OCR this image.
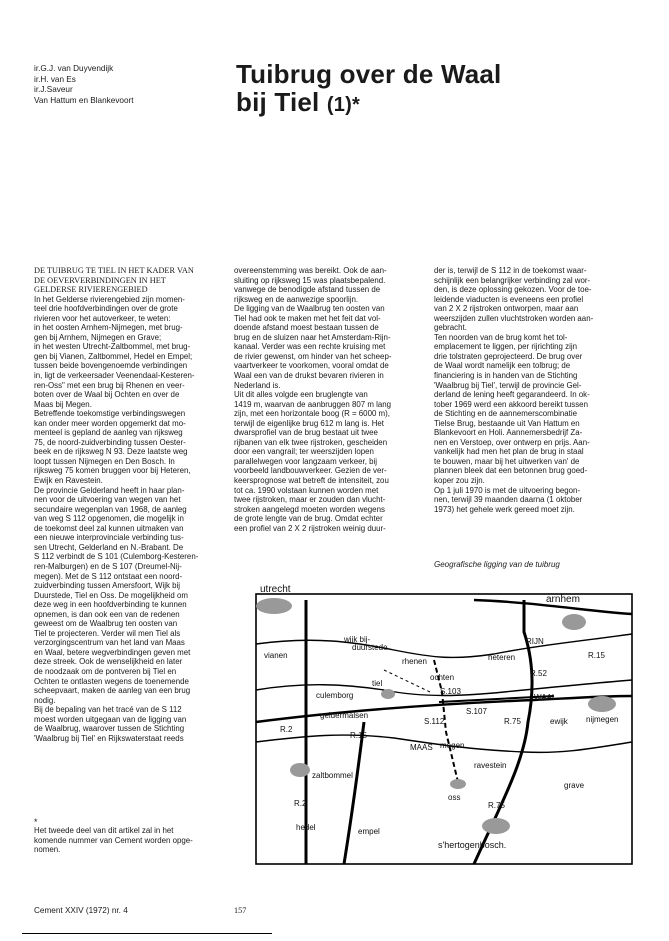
ir.G.J. van Duyvendijk
ir.H. van Es
ir.J.Saveur
Van Hattum en Blankevoort
Tuibrug over de Waal
bij Tiel (1)*

DE TUIBRUG TE TIEL IN HET KADER VAN

DE OEVERVERBINDINGEN IN HET

GELDERSE RIVIERENGEBIED

In het Gelderse rivierengebied zijn momen-

teel drie hoofdverbindingen over de grote

rivieren voor het autoverkeer, te weten:

in het oosten Arnhem-Nijmegen, met brug-

gen bij Arnhem, Nijmegen en Grave;

in het westen Utrecht-Zaltbommel, met brug-

gen bij Vianen, Zaltbommel, Hedel en Empel;

tussen beide bovengenoemde verbindingen

in, ligt de verkeersader Veenendaal-Kesteren-

ren-Oss" met een brug bij Rhenen en veer-

boten over de Waal bij Ochten en over de

Maas bij Megen.

Betreffende toekomstige verbindingswegen

kan onder meer worden opgemerkt dat mo-

menteel is gepland de aanleg van rijksweg

75, de noord-zuidverbinding tussen Oester-

beek en de rijksweg N 93. Deze laatste weg

loopt tussen Nijmegen en Den Bosch. In

rijksweg 75 komen bruggen voor bij Heteren,

Ewijk en Ravestein.

De provincie Gelderland heeft in haar plan-

nen voor de uitvoering van wegen van het

secundaire wegenplan van 1968, de aanleg

van weg S 112 opgenomen, die mogelijk in

de toekomst deel zal kunnen uitmaken van

een nieuwe interprovinciale verbinding tus-

sen Utrecht, Gelderland en N.-Brabant. De

S 112 verbindt de S 101 (Culemborg-Kesteren-

ren-Malburgen) en de S 107 (Dreumel-Nij-

megen). Met de S 112 ontstaat een noord-

zuidverbinding tussen Amersfoort, Wijk bij

Duurstede, Tiel en Oss. De mogelijkheid om

deze weg in een hoofdverbinding te kunnen

opnemen, is dan ook een van de redenen

geweest om de Waalbrug ten oosten van

Tiel te projecteren. Verder wil men Tiel als

verzorgingscentrum van het land van Maas

en Waal, betere wegverbindingen geven met

deze streek. Ook de wenselijkheid en later

de noodzaak om de pontveren bij Tiel en

Ochten te ontlasten wegens de toenemende

scheepvaart, maken de aanleg van een brug

nodig.

Bij de bepaling van het tracé van de S 112

moest worden uitgegaan van de ligging van

de Waalbrug, waarover tussen de Stichting

'Waalbrug bij Tiel' en Rijkswaterstaat reeds

overeenstemming was bereikt. Ook de aan-

sluiting op rijksweg 15 was plaatsbepalend.

vanwege de benodigde afstand tussen de

rijksweg en de aanwezige spoorlijn.

De ligging van de Waalbrug ten oosten van

Tiel had ook te maken met het feit dat vol-

doende afstand moest bestaan tussen de

brug en de sluizen naar het Amsterdam-Rijn-

kanaal. Verder was een rechte kruising met

de rivier gewenst, om hinder van het scheep-

vaartverkeer te voorkomen, vooral omdat de

Waal een van de drukst bevaren rivieren in

Nederland is.

Uit dit alles volgde een bruglengte van

1419 m, waarvan de aanbruggen 807 m lang

zijn, met een horizontale boog (R = 6000 m),

terwijl de eigenlijke brug 612 m lang is. Het

dwarsprofiel van de brug bestaat uit twee

rijbanen van elk twee rijstroken, gescheiden

door een vangrail; ter weerszijden lopen

parallelwegen voor langzaam verkeer, bij

voorbeeld landbouwverkeer. Gezien de ver-

keersprognose wat betreft de intensiteit, zou

tot ca. 1990 volstaan kunnen worden met

twee rijstroken, maar er zouden dan vlucht-

stroken aangelegd moeten worden wegens

de grote lengte van de brug. Omdat echter

een profiel van 2 X 2 rijstroken weinig duur-

der is, terwijl de S 112 in de toekomst waar-

schijnlijk een belangrijker verbinding zal wor-

den, is deze oplossing gekozen. Voor de toe-

leidende viaducten is eveneens een profiel

van 2 X 2 rijstroken ontworpen, maar aan

weerszijden zullen vluchtstroken worden aan-

gebracht.

Ten noorden van de brug komt het tol-

emplacement te liggen, per rijrichting zijn

drie tolstraten geprojecteerd. De brug over

de Waal wordt namelijk een tolbrug; de

financiering is in handen van de Stichting

'Waalbrug bij Tiel', terwijl de provincie Gel-

derland de lening heeft gegarandeerd. In ok-

tober 1969 werd een akkoord bereikt tussen

de Stichting en de aannemerscombinatie

Tielse Brug, bestaande uit Van Hattum en

Blankevoort en Holi. Aannemersbedrijf Za-

nen en Verstoep, over ontwerp en prijs. Aan-

vankelijk had men het plan de brug in staal

te bouwen, maar bij het uitwerken van' de

plannen bleek dat een betonnen brug goed-

koper zou zijn.

Op 1 juli 1970 is met de uitvoering begon-

nen, terwijl 39 maanden daarna (1 oktober

1973) het gehele werk gereed moet zijn.

Geografische ligging van de tuibrug
utrecht
arnhem
vianen
wijk bij-
duurstede
rhenen	heteren
RIJN
R.52
R.15
culemborg
tiel
ochten
WAAL
geldermalsen
R.2
S.103
S.107
R.15
S.112	R.75	ewijk
MAAS megen
zaltbommel
ravestein
nijmegen
R.2
oss
grave
hedel	empel
R.75
s'hertogenbosch.
*
Het tweede deel van dit artikel zal in het
komende nummer van Cement worden opge-
nomen.
Cement XXIV (1972) nr. 4	157
